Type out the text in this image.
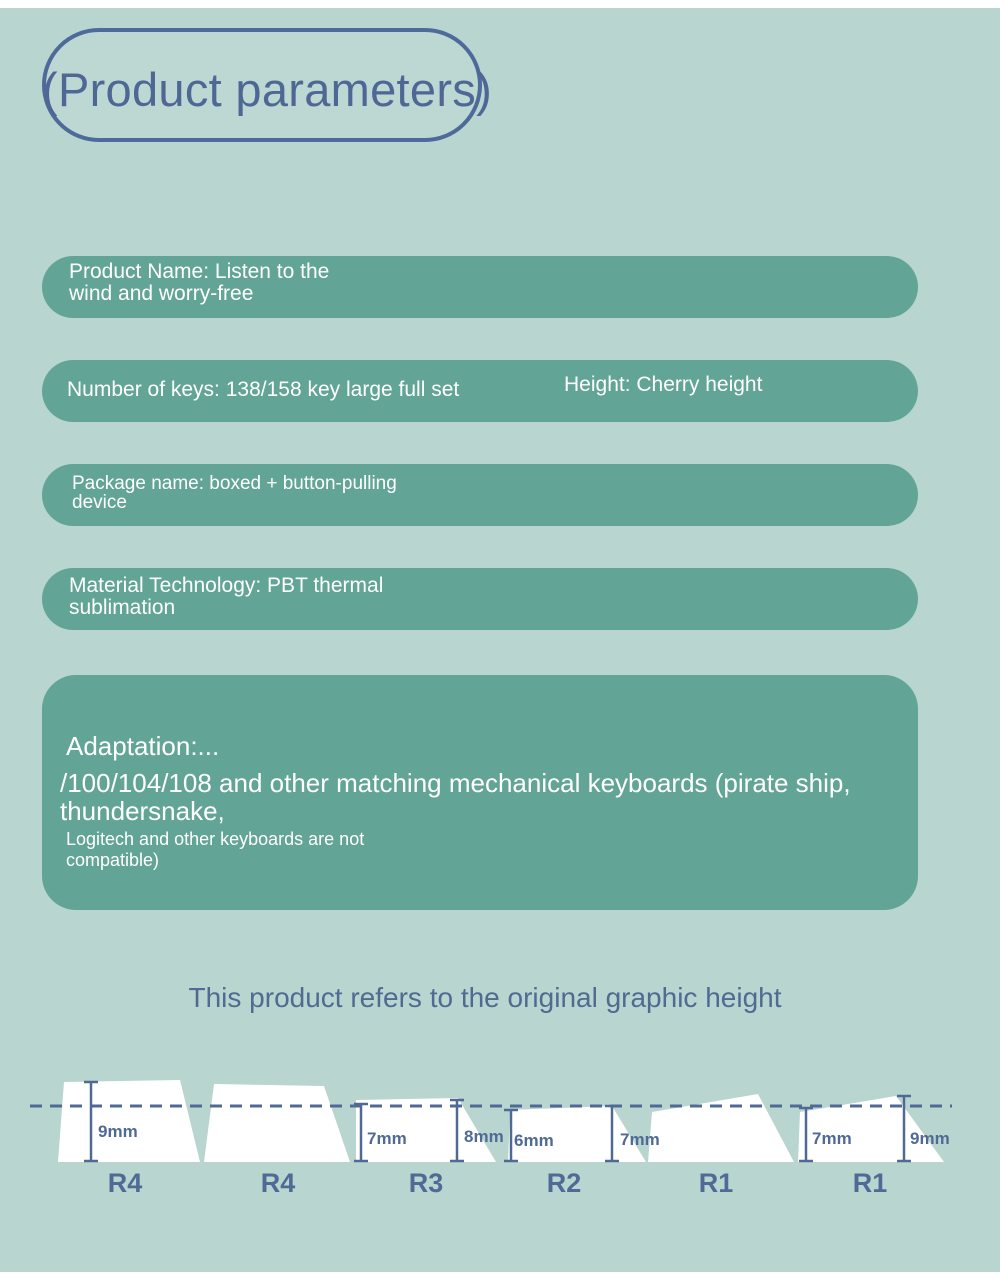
(Product parameters)
Product Name: Listen to the wind and worry-free
Number of keys: 138/158 key large full set	Height: Cherry height
Package name: boxed + button-pulling device
Material Technology: PBT thermal sublimation
Adaptation:...
/100/104/108 and other matching mechanical keyboards (pirate ship, thundersnake,
Logitech and other keyboards are not compatible)
This product refers to the original graphic height
9mm	7mm	8mm 6mm	7mm	7mm	9mm
R4	R4	R3	R2	R1	R1
